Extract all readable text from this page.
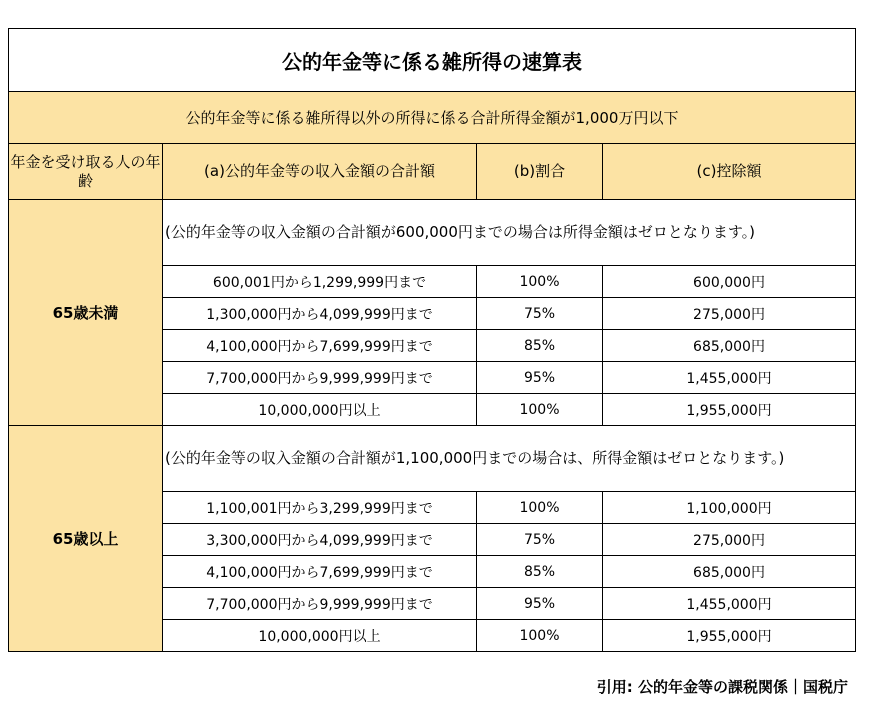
公的年金等に係る雑所得の速算表			
公的年金等に係る雑所得以外の所得に係る合計所得金額が1,000万円以下			
年金を受け取る人の年齢	(a)公的年金等の収入金額の合計額	(b)割合	(c)控除額
65歳未満	(公的年金等の収入金額の合計額が600,000円までの場合は所得金額はゼロとなります。)		
	600,001円から1,299,999円まで	100%	600,000円
	1,300,000円から4,099,999円まで	75%	275,000円
	4,100,000円から7,699,999円まで	85%	685,000円
	7,700,000円から9,999,999円まで	95%	1,455,000円
	10,000,000円以上	100%	1,955,000円
65歳以上	(公的年金等の収入金額の合計額が1,100,000円までの場合は、所得金額はゼロとなります。)		
	1,100,001円から3,299,999円まで	100%	1,100,000円
	3,300,000円から4,099,999円まで	75%	275,000円
	4,100,000円から7,699,999円まで	85%	685,000円
	7,700,000円から9,999,999円まで	95%	1,455,000円
	10,000,000円以上	100%	1,955,000円
引用: 公的年金等の課税関係｜国税庁
